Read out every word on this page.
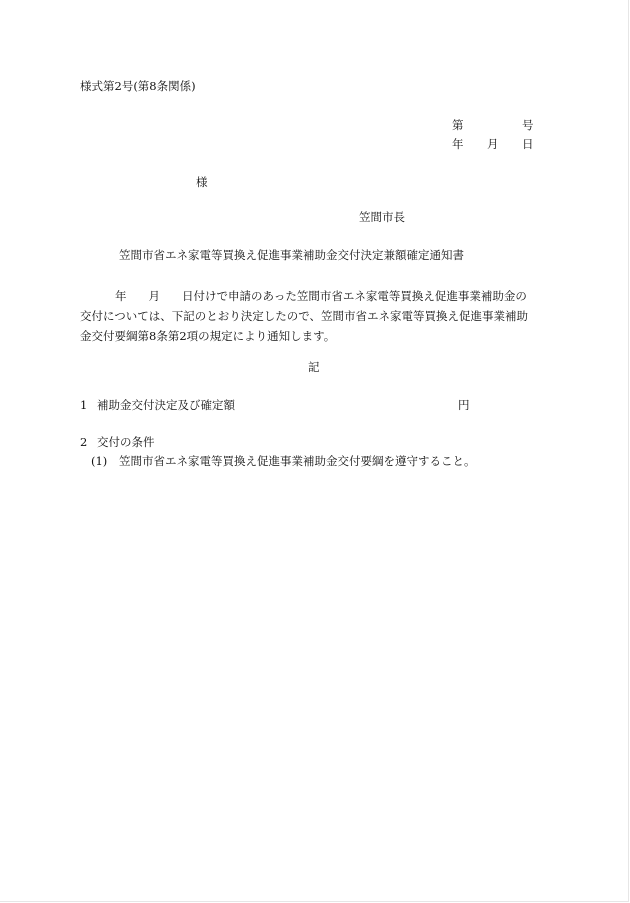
様式第2号(第8条関係)
第	号
年 月 日
様
笠間市長
笠間市省エネ家電等買換え促進事業補助金交付決定兼額確定通知書
年 月 日付けで申請のあった笠間市省エネ家電等買換え促進事業補助金の
交付については、下記のとおり決定したので、笠間市省エネ家電等買換え促進事業補助
金交付要綱第8条第2項の規定により通知します。
記
1 補助金交付決定及び確定額	円
2 交付の条件
(1) 笠間市省エネ家電等買換え促進事業補助金交付要綱を遵守すること。
